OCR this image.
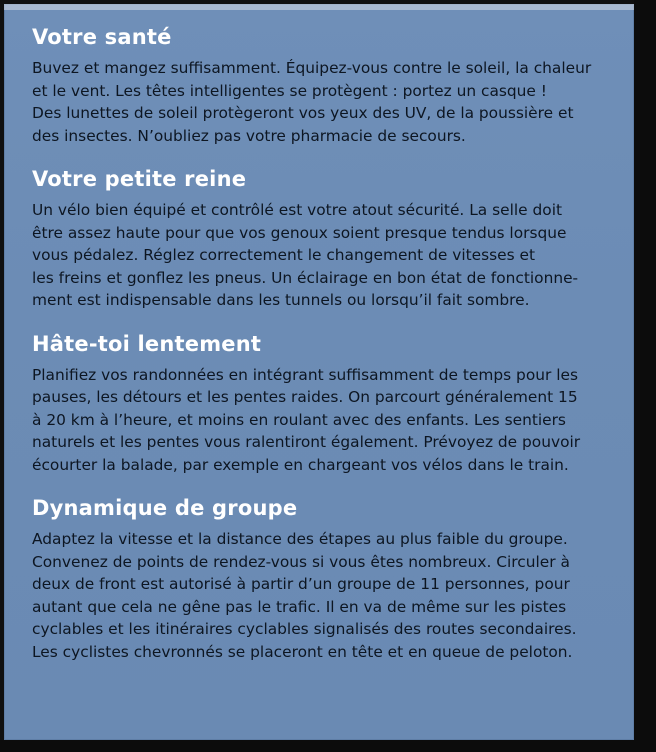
Votre santé
Buvez et mangez suffisamment. Équipez-vous contre le soleil, la chaleur
et le vent. Les têtes intelligentes se protègent : portez un casque !
Des lunettes de soleil protègeront vos yeux des UV, de la poussière et
des insectes. N’oubliez pas votre pharmacie de secours.
Votre petite reine
Un vélo bien équipé et contrôlé est votre atout sécurité. La selle doit
être assez haute pour que vos genoux soient presque tendus lorsque
vous pédalez. Réglez correctement le changement de vitesses et
les freins et gonflez les pneus. Un éclairage en bon état de fonctionne-
ment est indispensable dans les tunnels ou lorsqu’il fait sombre.
Hâte-toi lentement
Planifiez vos randonnées en intégrant suffisamment de temps pour les
pauses, les détours et les pentes raides. On parcourt généralement 15
à 20 km à l’heure, et moins en roulant avec des enfants. Les sentiers
naturels et les pentes vous ralentiront également. Prévoyez de pouvoir
écourter la balade, par exemple en chargeant vos vélos dans le train.
Dynamique de groupe
Adaptez la vitesse et la distance des étapes au plus faible du groupe.
Convenez de points de rendez-vous si vous êtes nombreux. Circuler à
deux de front est autorisé à partir d’un groupe de 11 personnes, pour
autant que cela ne gêne pas le trafic. Il en va de même sur les pistes
cyclables et les itinéraires cyclables signalisés des routes secondaires.
Les cyclistes chevronnés se placeront en tête et en queue de peloton.
